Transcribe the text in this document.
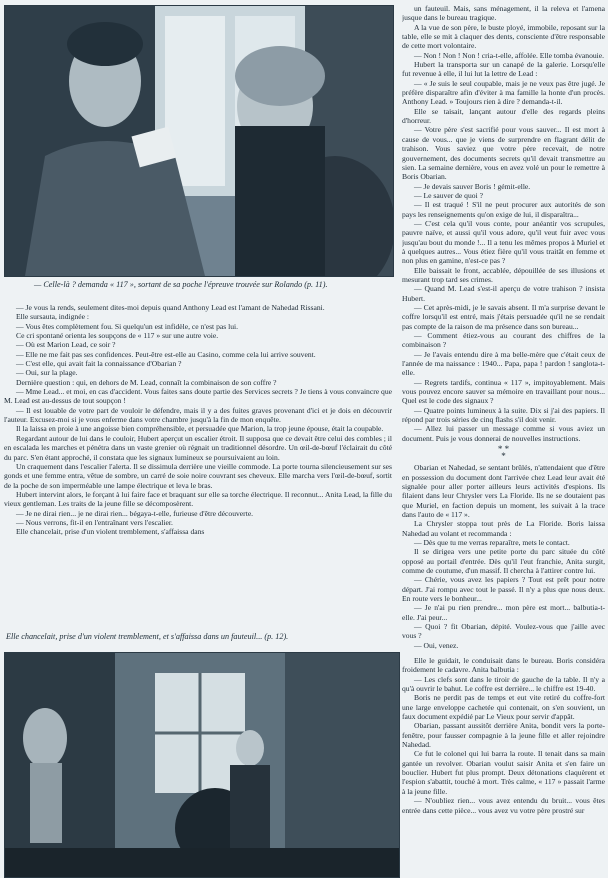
— Celle-là ? demanda « 117 », sortant de sa poche l'épreuve trouvée sur Rolando (p. 11).

— Je vous la rends, seulement dites-moi depuis quand Anthony Lead est l'amant de Nahedad Rissani.

Elle sursauta, indignée :

— Vous êtes complètement fou. Si quelqu'un est infidèle, ce n'est pas lui.

Ce cri spontané orienta les soupçons de « 117 » sur une autre voie.

— Où est Marion Lead, ce soir ?

— Elle ne me fait pas ses confidences. Peut-être est-elle au Casino, comme cela lui arrive souvent.

— C'est elle, qui avait fait la connaissance d'Obarian ?

— Oui, sur la plage.

Dernière question : qui, en dehors de M. Lead, connaît la combinaison de son coffre ?

— Mme Lead... et moi, en cas d'accident. Vous faites sans doute partie des Services secrets ? Je tiens à vous convaincre que M. Lead est au-dessus de tout soupçon !

— Il est louable de votre part de vouloir le défendre, mais il y a des fuites graves provenant d'ici et je dois en découvrir l'auteur. Excusez-moi si je vous enferme dans votre chambre jusqu'à la fin de mon enquête.

Il la laissa en proie à une angoisse bien compréhensible, et persuadée que Marion, la trop jeune épouse, était la coupable.

Regardant autour de lui dans le couloir, Hubert aperçut un escalier étroit. Il supposa que ce devait être celui des combles ; il en escalada les marches et pénétra dans un vaste grenier où régnait un traditionnel désordre. Un œil-de-bœuf l'éclairait du côté du parc. S'en étant approché, il constata que les signaux lumineux se poursuivaient au loin.

Un craquement dans l'escalier l'alerta. Il se dissimula derrière une vieille commode. La porte tourna silencieusement sur ses gonds et une femme entra, vêtue de sombre, un carré de soie noire couvrant ses cheveux. Elle marcha vers l'œil-de-bœuf, sortit de la poche de son imperméable une lampe électrique et leva le bras.

Hubert intervint alors, le forçant à lui faire face et braquant sur elle sa torche électrique. Il reconnut... Anita Lead, la fille du vieux gentleman. Les traits de la jeune fille se décomposèrent.

— Je ne dirai rien... je ne dirai rien... bégaya-t-elle, furieuse d'être découverte.

— Nous verrons, fit-il en l'entraînant vers l'escalier.

Elle chancelait, prise d'un violent tremblement, s'affaissa dans

Elle chancelait, prise d'un violent tremblement, et s'affaissa dans un fauteuil... (p. 12).

un fauteuil. Mais, sans ménagement, il la releva et l'amena jusque dans le bureau tragique.

A la vue de son père, le buste ployé, immobile, reposant sur la table, elle se mit à claquer des dents, consciente d'être responsable de cette mort volontaire.

— Non ! Non ! Non ! cria-t-elle, affolée. Elle tomba évanouie.

Hubert la transporta sur un canapé de la galerie. Lorsqu'elle fut revenue à elle, il lui lut la lettre de Lead :

— « Je suis le seul coupable, mais je ne veux pas être jugé. Je préfère disparaître afin d'éviter à ma famille la honte d'un procès. Anthony Lead. » Toujours rien à dire ? demanda-t-il.

Elle se taisait, lançant autour d'elle des regards pleins d'horreur.

— Votre père s'est sacrifié pour vous sauver... Il est mort à cause de vous... que je viens de surprendre en flagrant délit de trahison. Vous saviez que votre père recevait, de notre gouvernement, des documents secrets qu'il devait transmettre au sien. La semaine dernière, vous en avez volé un pour le remettre à Boris Obarian.

— Je devais sauver Boris ! gémit-elle.

— Le sauver de quoi ?

— Il est traqué ! S'il ne peut procurer aux autorités de son pays les renseignements qu'on exige de lui, il disparaîtra...

— C'est cela qu'il vous conte, pour anéantir vos scrupules, pauvre naïve, et aussi qu'il vous adore, qu'il veut fuir avec vous jusqu'au bout du monde !... Il a tenu les mêmes propos à Muriel et à quelques autres... Vous étiez fière qu'il vous traitât en femme et non plus en gamine, n'est-ce pas ?

Elle baissait le front, accablée, dépouillée de ses illusions et mesurant trop tard ses crimes.

— Quand M. Lead s'est-il aperçu de votre trahison ? insista Hubert.

— Cet après-midi, je le savais absent. Il m'a surprise devant le coffre lorsqu'il est entré, mais j'étais persuadée qu'il ne se rendait pas compte de la raison de ma présence dans son bureau...

— Comment étiez-vous au courant des chiffres de la combinaison ?

— Je l'avais entendu dire à ma belle-mère que c'était ceux de l'année de ma naissance : 1940... Papa, papa ! pardon ! sanglota-t-elle.

— Regrets tardifs, continua « 117 », impitoyablement. Mais vous pouvez encore sauver sa mémoire en travaillant pour nous... Quel est le code des signaux ?

— Quatre points lumineux à la suite. Dix si j'ai des papiers. Il répond par trois séries de cinq flashs s'il doit venir.

— Allez lui passer un message comme si vous aviez un document. Puis je vous donnerai de nouvelles instructions.

* *
*

Obarian et Nahedad, se sentant brûlés, n'attendaient que d'être en possession du document dont l'arrivée chez Lead leur avait été signalée pour aller porter ailleurs leurs activités d'espions. Ils filaient dans leur Chrysler vers La Floride. Ils ne se doutaient pas que Muriel, en faction depuis un moment, les suivait à la trace dans l'auto de « 117 ».

La Chrysler stoppa tout près de La Floride. Boris laissa Nahedad au volant et recommanda :

— Dès que tu me verras reparaître, mets le contact.

Il se dirigea vers une petite porte du parc située du côté opposé au portail d'entrée. Dès qu'il l'eut franchie, Anita surgit, comme de coutume, d'un massif. Il chercha à l'attirer contre lui.

— Chérie, vous avez les papiers ? Tout est prêt pour notre départ. J'ai rompu avec tout le passé. Il n'y a plus que nous deux. En route vers le bonheur...

— Je n'ai pu rien prendre... mon père est mort... balbutia-t-elle. J'ai peur...

— Quoi ? fit Obarian, dépité. Voulez-vous que j'aille avec vous ?

— Oui, venez.

Elle le guidait, le conduisait dans le bureau. Boris considéra froidement le cadavre. Anita balbutia :

— Les clefs sont dans le tiroir de gauche de la table. Il n'y a qu'à ouvrir le bahut. Le coffre est derrière... le chiffre est 19-40.

Boris ne perdit pas de temps et eut vite retiré du coffre-fort une large enveloppe cachetée qui contenait, on s'en souvient, un faux document expédié par Le Vieux pour servir d'appât.

Obarian, passant aussitôt derrière Anita, bondit vers la porte-fenêtre, pour fausser compagnie à la jeune fille et aller rejoindre Nahedad.

Ce fut le colonel qui lui barra la route. Il tenait dans sa main gantée un revolver. Obarian voulut saisir Anita et s'en faire un bouclier. Hubert fut plus prompt. Deux détonations claquèrent et l'espion s'abattit, touché à mort. Très calme, « 117 » passait l'arme à la jeune fille.

— N'oubliez rien... vous avez entendu du bruit... vous êtes entrée dans cette pièce... vous avez vu votre père prostré sur
